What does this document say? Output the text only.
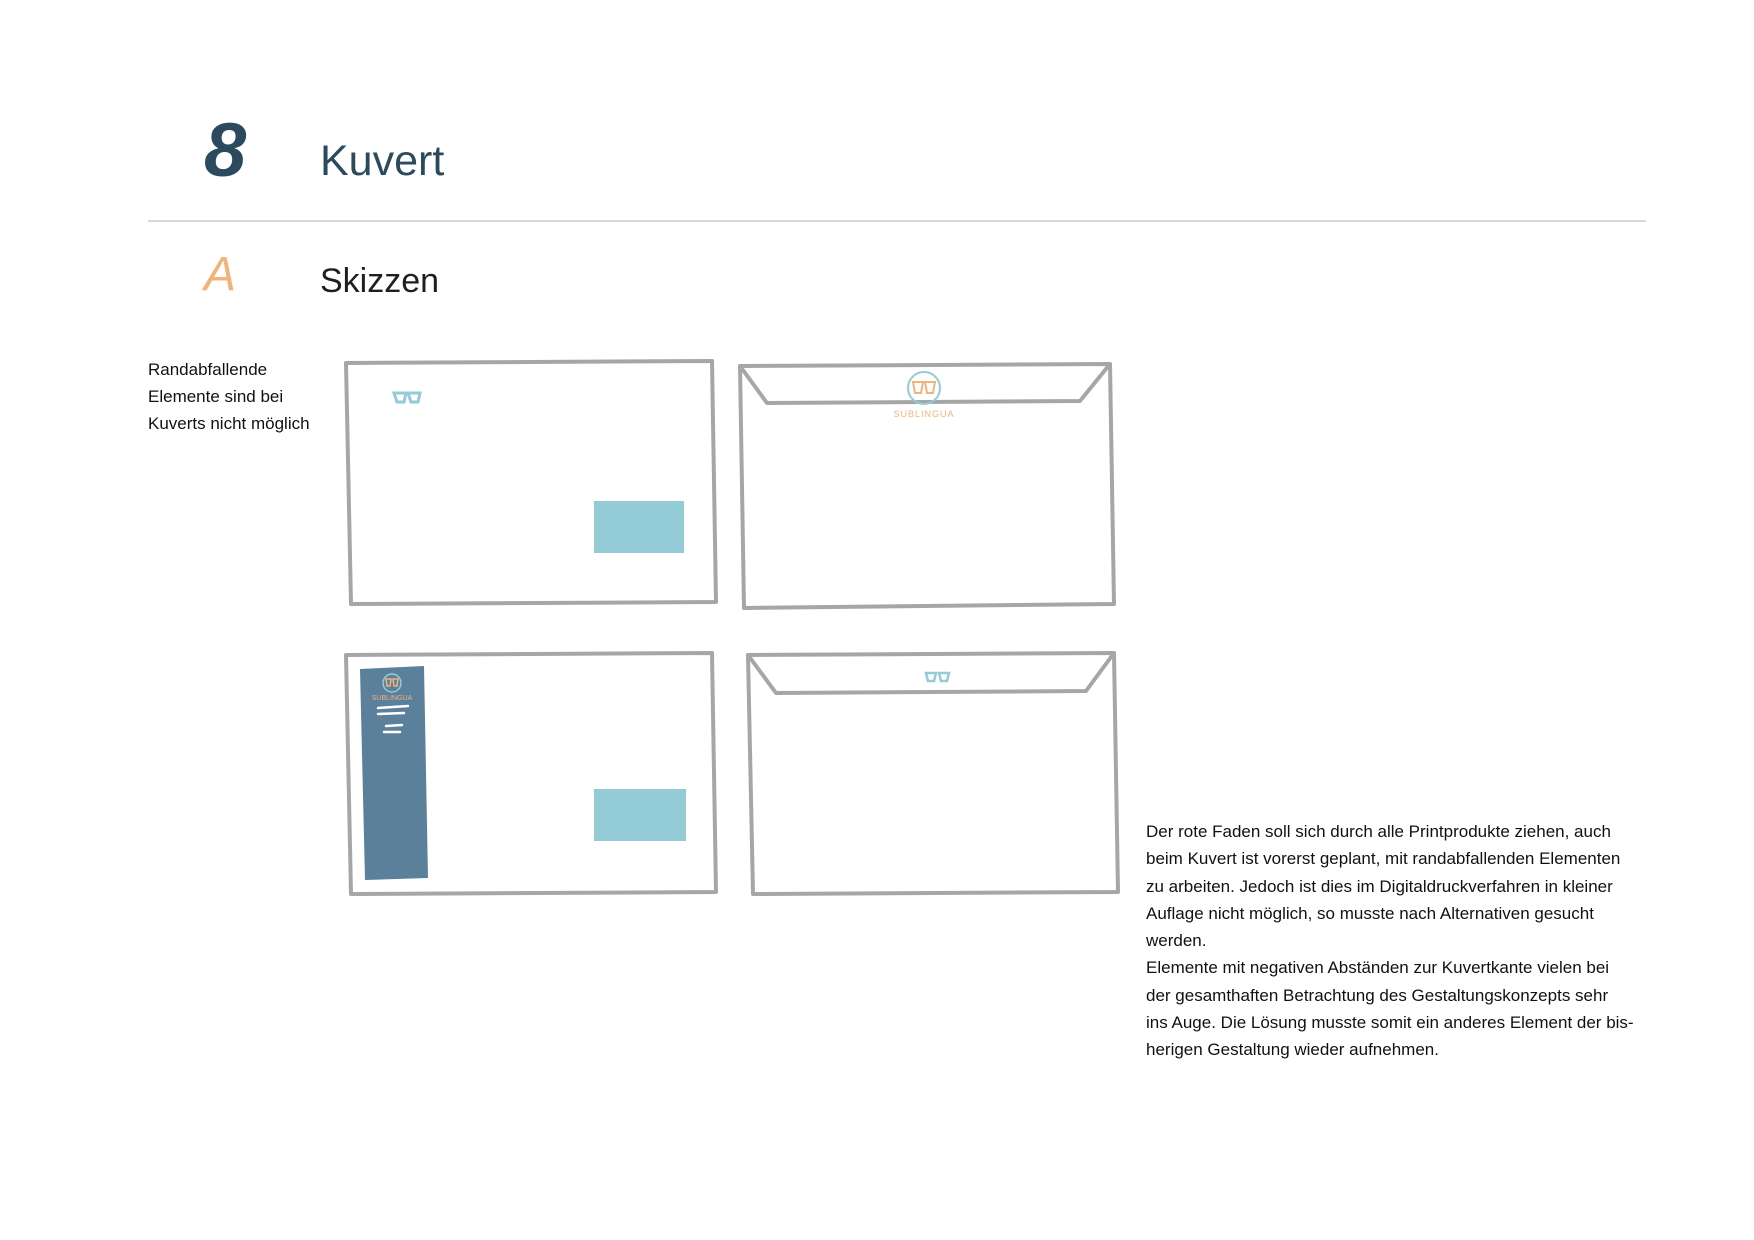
8 Kuvert
A Skizzen
Randabfallende
Elemente sind bei
Kuverts nicht möglich	SUBLINGUA
SUBLINGUA
Der rote Faden soll sich durch alle Printprodukte ziehen, auch
beim Kuvert ist vorerst geplant, mit randabfallenden Elementen
zu arbeiten. Jedoch ist dies im Digitaldruckverfahren in kleiner
Auflage nicht möglich, so musste nach Alternativen gesucht
werden.
Elemente mit negativen Abständen zur Kuvertkante vielen bei
der gesamthaften Betrachtung des Gestaltungskonzepts sehr
ins Auge. Die Lösung musste somit ein anderes Element der bis-
herigen Gestaltung wieder aufnehmen.
